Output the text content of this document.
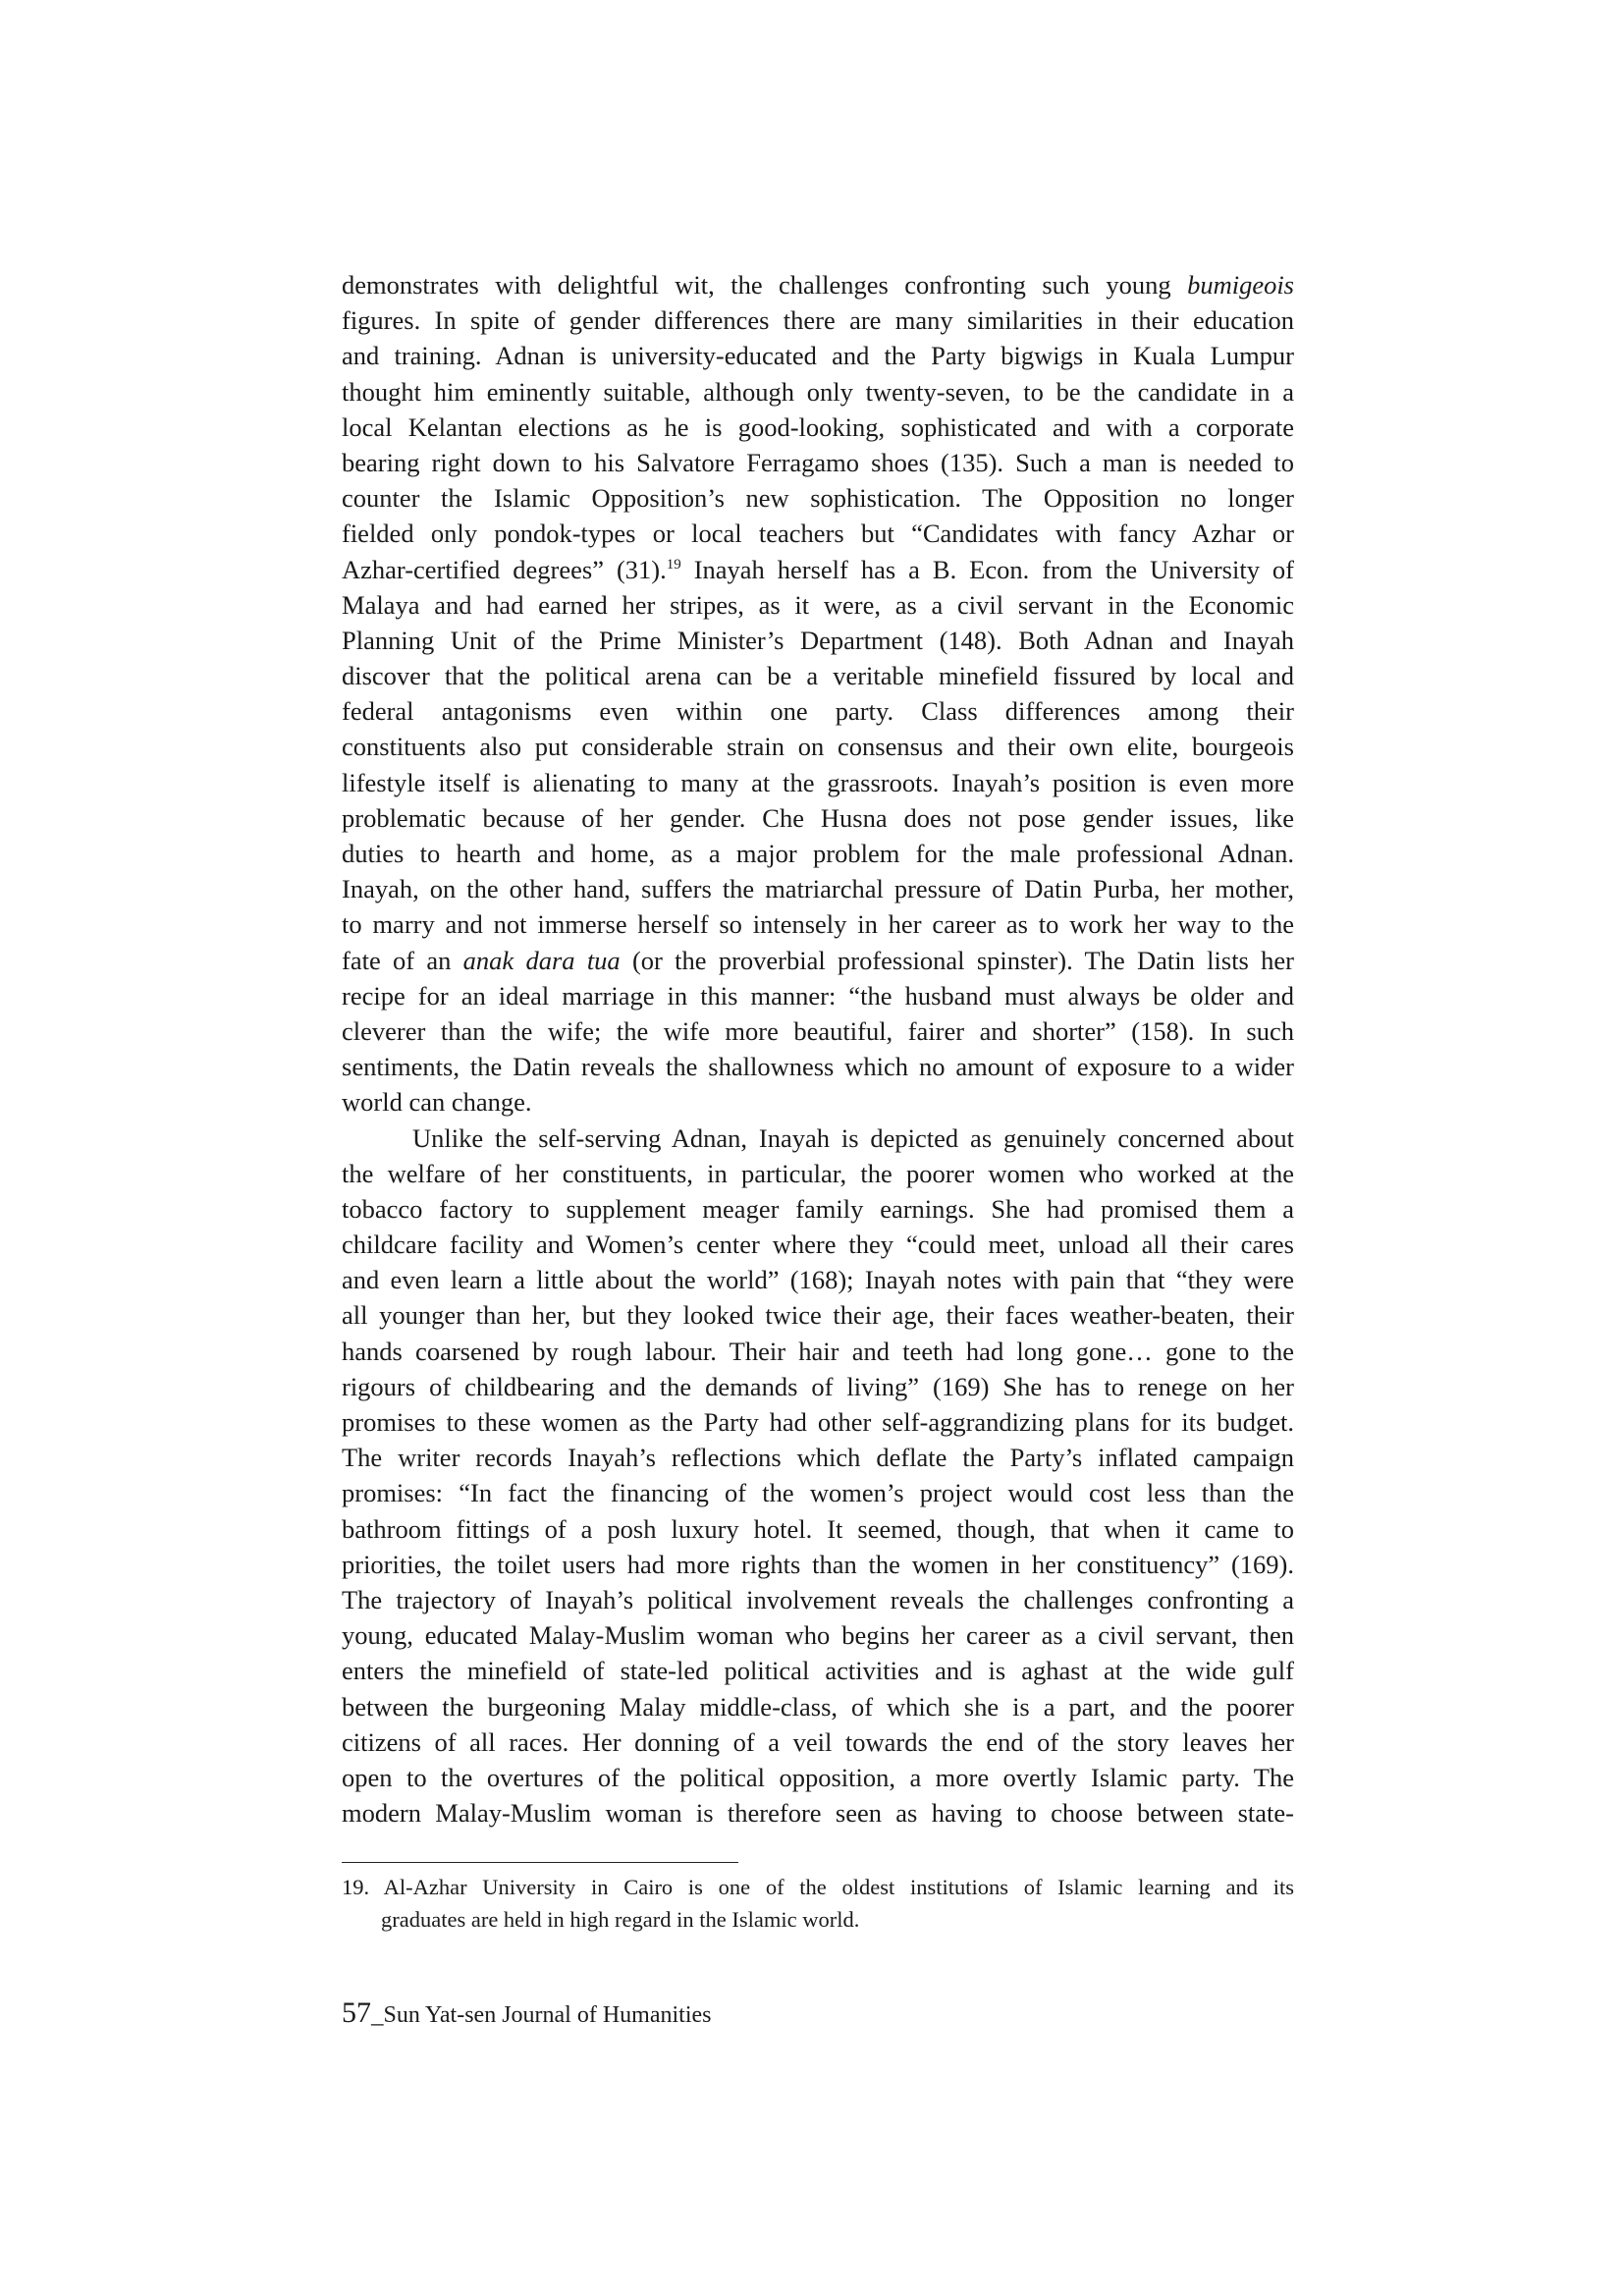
demonstrates with delightful wit, the challenges confronting such young bumigeois
figures. In spite of gender differences there are many similarities in their education
and training. Adnan is university-educated and the Party bigwigs in Kuala Lumpur
thought him eminently suitable, although only twenty-seven, to be the candidate in a
local Kelantan elections as he is good-looking, sophisticated and with a corporate
bearing right down to his Salvatore Ferragamo shoes (135). Such a man is needed to
counter the Islamic Opposition’s new sophistication. The Opposition no longer
fielded only pondok-types or local teachers but “Candidates with fancy Azhar or
Azhar-certified degrees” (31).$^{19}$ Inayah herself has a B. Econ. from the University of
Malaya and had earned her stripes, as it were, as a civil servant in the Economic
Planning Unit of the Prime Minister’s Department (148). Both Adnan and Inayah
discover that the political arena can be a veritable minefield fissured by local and
federal antagonisms even within one party. Class differences among their
constituents also put considerable strain on consensus and their own elite, bourgeois
lifestyle itself is alienating to many at the grassroots. Inayah’s position is even more
problematic because of her gender. Che Husna does not pose gender issues, like
duties to hearth and home, as a major problem for the male professional Adnan.
Inayah, on the other hand, suffers the matriarchal pressure of Datin Purba, her mother,
to marry and not immerse herself so intensely in her career as to work her way to the
fate of an anak dara tua (or the proverbial professional spinster). The Datin lists her
recipe for an ideal marriage in this manner: “the husband must always be older and
cleverer than the wife; the wife more beautiful, fairer and shorter” (158). In such
sentiments, the Datin reveals the shallowness which no amount of exposure to a wider
world can change.
Unlike the self-serving Adnan, Inayah is depicted as genuinely concerned about
the welfare of her constituents, in particular, the poorer women who worked at the
tobacco factory to supplement meager family earnings. She had promised them a
childcare facility and Women’s center where they “could meet, unload all their cares
and even learn a little about the world” (168); Inayah notes with pain that “they were
all younger than her, but they looked twice their age, their faces weather-beaten, their
hands coarsened by rough labour. Their hair and teeth had long gone… gone to the
rigours of childbearing and the demands of living” (169) She has to renege on her
promises to these women as the Party had other self-aggrandizing plans for its budget.
The writer records Inayah’s reflections which deflate the Party’s inflated campaign
promises: “In fact the financing of the women’s project would cost less than the
bathroom fittings of a posh luxury hotel. It seemed, though, that when it came to
priorities, the toilet users had more rights than the women in her constituency” (169).
The trajectory of Inayah’s political involvement reveals the challenges confronting a
young, educated Malay-Muslim woman who begins her career as a civil servant, then
enters the minefield of state-led political activities and is aghast at the wide gulf
between the burgeoning Malay middle-class, of which she is a part, and the poorer
citizens of all races. Her donning of a veil towards the end of the story leaves her
open to the overtures of the political opposition, a more overtly Islamic party. The
modern Malay-Muslim woman is therefore seen as having to choose between state-
19. Al-Azhar University in Cairo is one of the oldest institutions of Islamic learning and its
graduates are held in high regard in the Islamic world.
57_Sun Yat-sen Journal of Humanities
